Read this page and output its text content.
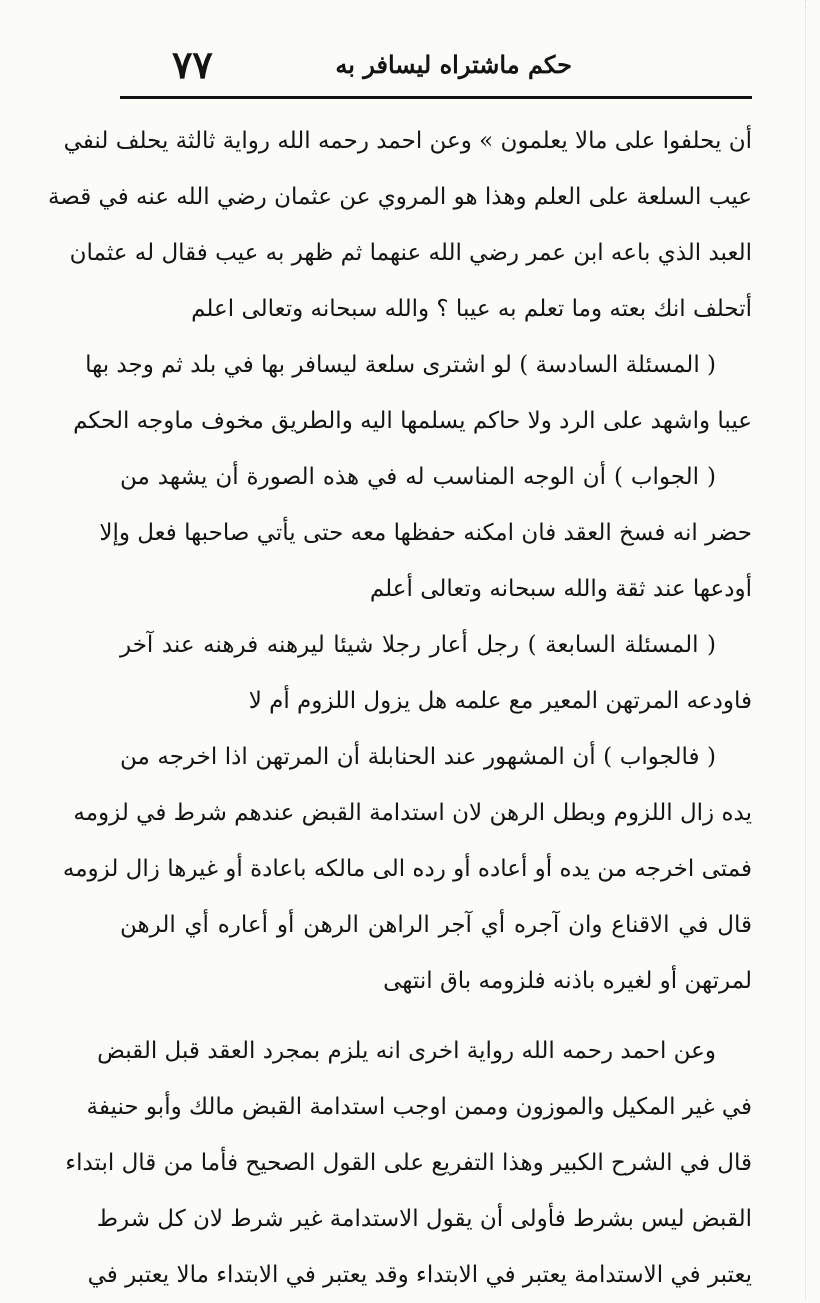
حكم ماشتراه ليسافر به
٧٧
أن يحلفوا على مالا يعلمون » وعن احمد رحمه الله رواية ثالثة يحلف لنفي
عيب السلعة على العلم وهذا هو المروي عن عثمان رضي الله عنه في قصة
العبد الذي باعه ابن عمر رضي الله عنهما ثم ظهر به عيب فقال له عثمان
أتحلف انك بعته وما تعلم به عيبا ؟ والله سبحانه وتعالى اعلم
( المسئلة السادسة ) لو اشترى سلعة ليسافر بها في بلد ثم وجد بها
عيبا واشهد على الرد ولا حاكم يسلمها اليه والطريق مخوف ماوجه الحكم
( الجواب ) أن الوجه المناسب له في هذه الصورة أن يشهد من
حضر انه فسخ العقد فان امكنه حفظها معه حتى يأتي صاحبها فعل وإلا
أودعها عند ثقة والله سبحانه وتعالى أعلم
( المسئلة السابعة ) رجل أعار رجلا شيئا ليرهنه فرهنه عند آخر
فاودعه المرتهن المعير مع علمه هل يزول اللزوم أم لا
( فالجواب ) أن المشهور عند الحنابلة أن المرتهن اذا اخرجه من
يده زال اللزوم وبطل الرهن لان استدامة القبض عندهم شرط في لزومه
فمتى اخرجه من يده أو أعاده أو رده الى مالكه باعادة أو غيرها زال لزومه
قال في الاقناع وان آجره أي آجر الراهن الرهن أو أعاره أي الرهن
لمرتهن أو لغيره باذنه فلزومه باق انتهى
وعن احمد رحمه الله رواية اخرى انه يلزم بمجرد العقد قبل القبض
في غير المكيل والموزون وممن اوجب استدامة القبض مالك وأبو حنيفة
قال في الشرح الكبير وهذا التفريع على القول الصحيح فأما من قال ابتداء
القبض ليس بشرط فأولى أن يقول الاستدامة غير شرط لان كل شرط
يعتبر في الاستدامة يعتبر في الابتداء وقد يعتبر في الابتداء مالا يعتبر في
